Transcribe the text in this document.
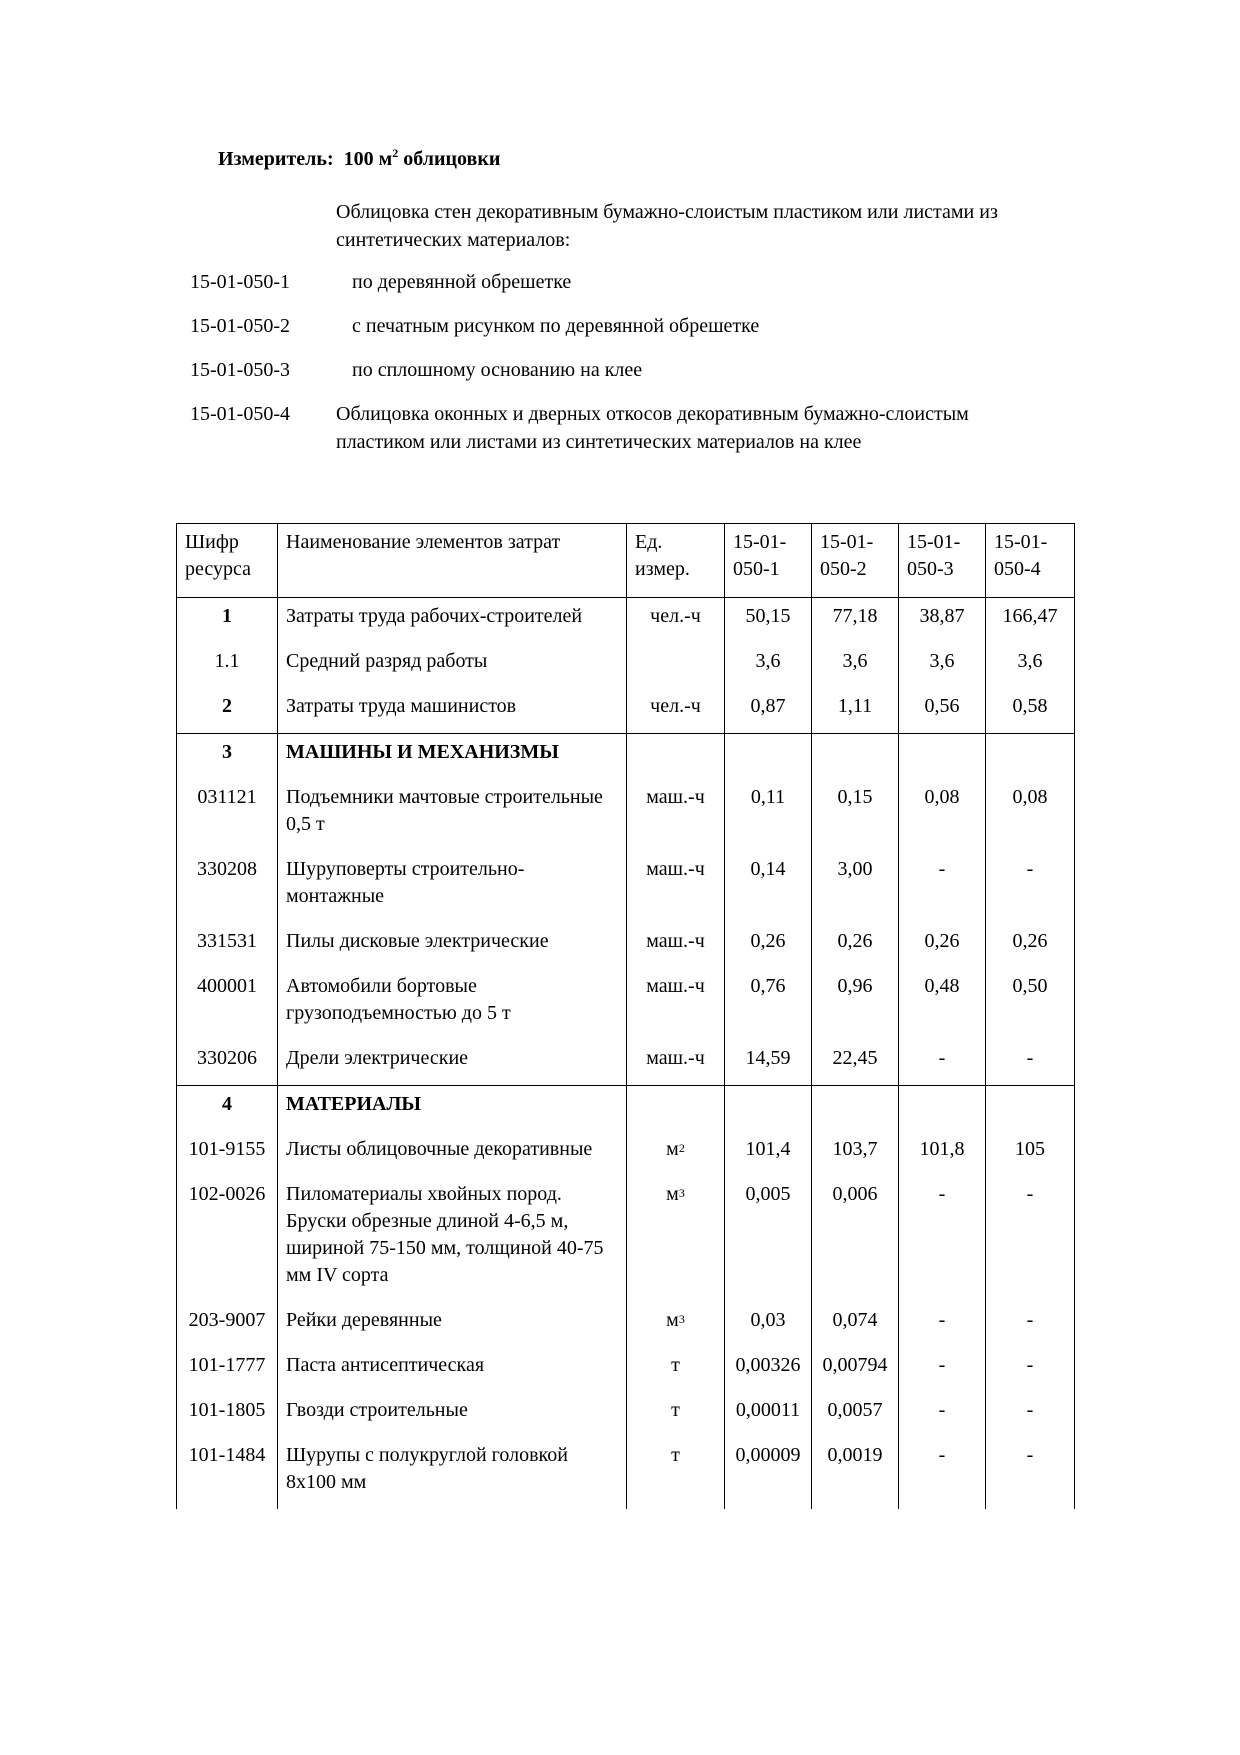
Измеритель: 100 $м^2$ облицовки
Облицовка стен декоративным бумажно-слоистым пластиком или листами из синтетических материалов:
15-01-050-1	по деревянной обрешетке
15-01-050-2	с печатным рисунком по деревянной обрешетке
15-01-050-3	по сплошному основанию на клее
15-01-050-4 Облицовка оконных и дверных откосов декоративным бумажно-слоистым пластиком или листами из синтетических материалов на клее
Шифр ресурса	Наименование элементов затрат	Ед. измер.	15-01-050-1	15-01-050-2	15-01-050-3	15-01-050-4
1	Затраты труда рабочих-строителей	чел.-ч	50,15	77,18	38,87	166,47
1.1	Средний разряд работы		3,6	3,6	3,6	3,6
2	Затраты труда машинистов	чел.-ч	0,87	1,11	0,56	0,58
3	МАШИНЫ И МЕХАНИЗМЫ					
031121	Подъемники мачтовые строительные 0,5 т	маш.-ч	0,11	0,15	0,08	0,08
330208	Шуруповерты строительно-монтажные	маш.-ч	0,14	3,00	-	-
331531	Пилы дисковые электрические	маш.-ч	0,26	0,26	0,26	0,26
400001	Автомобили бортовые грузоподъемностью до 5 т	маш.-ч	0,76	0,96	0,48	0,50
330206	Дрели электрические	маш.-ч	14,59	22,45	-	-
4	МАТЕРИАЛЫ					
101-9155	Листы облицовочные декоративные	$м^2$	101,4	103,7	101,8	105
102-0026	Пиломатериалы хвойных пород. Бруски обрезные длиной 4-6,5 м, шириной 75-150 мм, толщиной 40-75 мм IV сорта	$м^3$	0,005	0,006	-	-
203-9007	Рейки деревянные	$м^3$	0,03	0,074	-	-
101-1777	Паста антисептическая	т	0,00326	0,00794	-	-
101-1805	Гвозди строительные	т	0,00011	0,0057	-	-
101-1484	Шурупы с полукруглой головкой 8х100 мм	т	0,00009	0,0019	-	-
